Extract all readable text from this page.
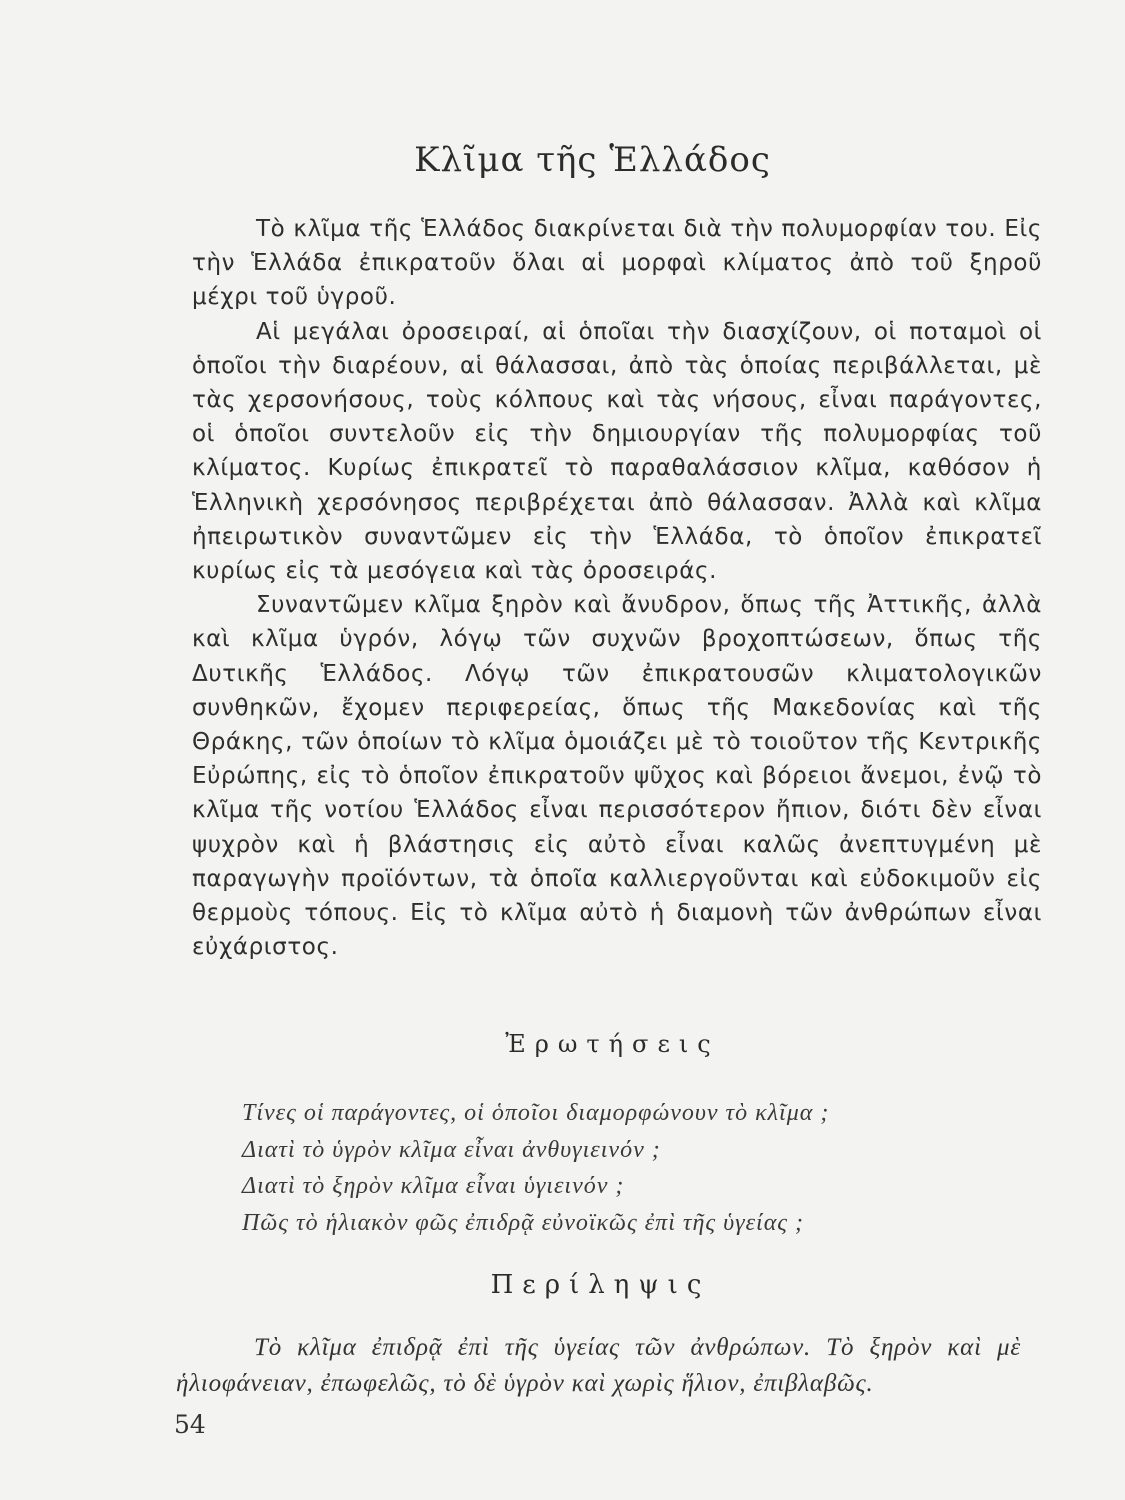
Κλῖμα τῆς Ἑλλάδος

Τὸ κλῖμα τῆς Ἑλλάδος διακρίνεται διὰ τὴν πολυμορφίαν του. Εἰς τὴν Ἑλλάδα ἐπικρατοῦν ὅλαι αἱ μορφαὶ κλίματος ἀπὸ τοῦ ξηροῦ μέχρι τοῦ ὑγροῦ.

Αἱ μεγάλαι ὀροσειραί, αἱ ὁποῖαι τὴν διασχίζουν, οἱ ποταμοὶ οἱ ὁποῖοι τὴν διαρέουν, αἱ θάλασσαι, ἀπὸ τὰς ὁποίας περιβάλλεται, μὲ τὰς χερσονήσους, τοὺς κόλπους καὶ τὰς νήσους, εἶναι παράγοντες, οἱ ὁποῖοι συντελοῦν εἰς τὴν δημιουργίαν τῆς πολυμορφίας τοῦ κλίματος. Κυρίως ἐπικρατεῖ τὸ παραθαλάσσιον κλῖμα, καθόσον ἡ Ἑλληνικὴ χερσόνησος περιβρέχεται ἀπὸ θάλασσαν. Ἀλλὰ καὶ κλῖμα ἠπειρωτικὸν συναντῶμεν εἰς τὴν Ἑλλάδα, τὸ ὁποῖον ἐπικρατεῖ κυρίως εἰς τὰ μεσόγεια καὶ τὰς ὀροσειράς.

Συναντῶμεν κλῖμα ξηρὸν καὶ ἄνυδρον, ὅπως τῆς Ἀττικῆς, ἀλλὰ καὶ κλῖμα ὑγρόν, λόγῳ τῶν συχνῶν βροχοπτώσεων, ὅπως τῆς Δυτικῆς Ἑλλάδος. Λόγῳ τῶν ἐπικρατουσῶν κλιματολογικῶν συνθηκῶν, ἔχομεν περιφερείας, ὅπως τῆς Μακεδονίας καὶ τῆς Θράκης, τῶν ὁποίων τὸ κλῖμα ὁμοιάζει μὲ τὸ τοιοῦτον τῆς Κεντρικῆς Εὐρώπης, εἰς τὸ ὁποῖον ἐπικρατοῦν ψῦχος καὶ βόρειοι ἄνεμοι, ἐνῷ τὸ κλῖμα τῆς νοτίου Ἑλλάδος εἶναι περισσότερον ἤπιον, διότι δὲν εἶναι ψυχρὸν καὶ ἡ βλάστησις εἰς αὐτὸ εἶναι καλῶς ἀνεπτυγμένη μὲ παραγωγὴν προϊόντων, τὰ ὁποῖα καλλιεργοῦνται καὶ εὐδοκιμοῦν εἰς θερμοὺς τόπους. Εἰς τὸ κλῖμα αὐτὸ ἡ διαμονὴ τῶν ἀνθρώπων εἶναι εὐχάριστος.

Ἐρωτήσεις
Τίνες οἱ παράγοντες, οἱ ὁποῖοι διαμορφώνουν τὸ κλῖμα ;
Διατὶ τὸ ὑγρὸν κλῖμα εἶναι ἀνθυγιεινόν ;
Διατὶ τὸ ξηρὸν κλῖμα εἶναι ὑγιεινόν ;
Πῶς τὸ ἡλιακὸν φῶς ἐπιδρᾷ εὐνοϊκῶς ἐπὶ τῆς ὑγείας ;
Περίληψις

Τὸ κλῖμα ἐπιδρᾷ ἐπὶ τῆς ὑγείας τῶν ἀνθρώπων. Τὸ ξηρὸν καὶ μὲ ἡλιοφάνειαν, ἐπωφελῶς, τὸ δὲ ὑγρὸν καὶ χωρὶς ἥλιον, ἐπιβλαβῶς.

54
